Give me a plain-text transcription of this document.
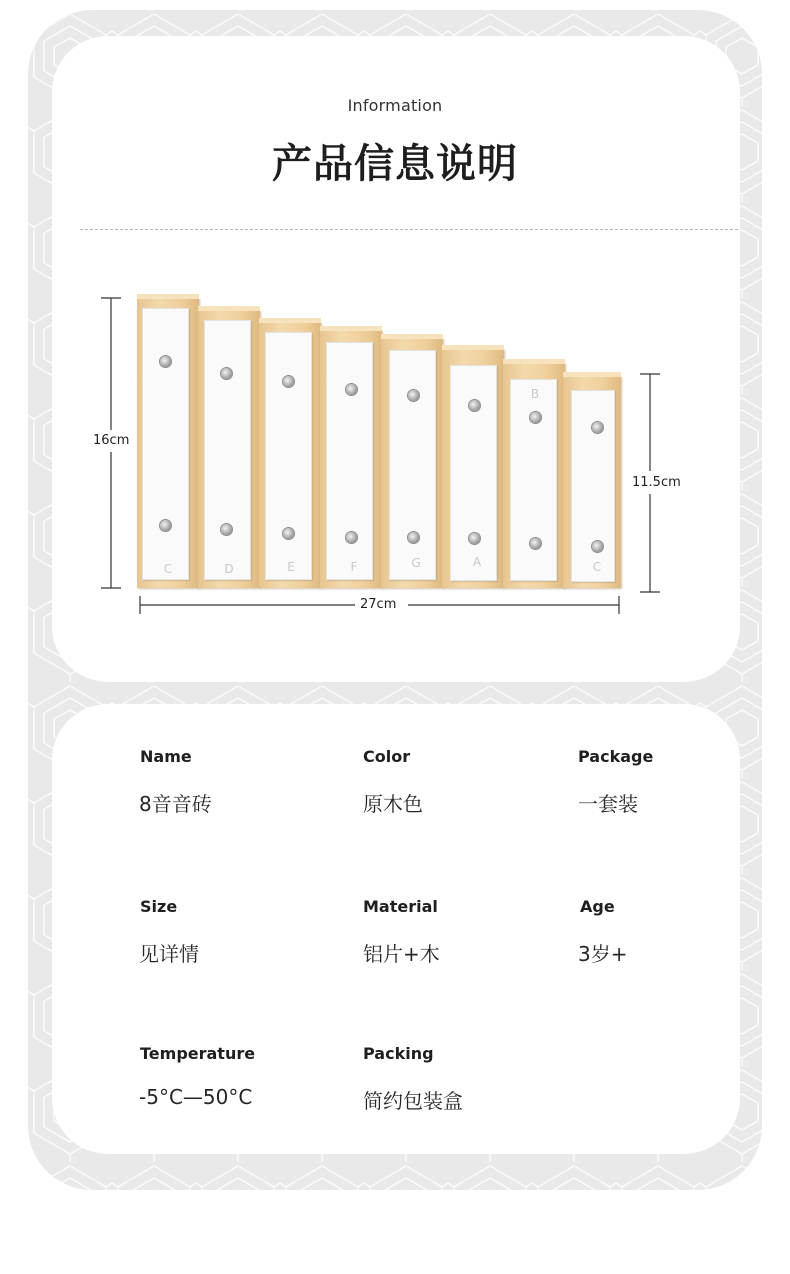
Information
产品信息说明
16cm
11.5cm
27cm
C	D	E	F	G	A
B
C
Name
8音音砖
Color
原木色
Package
一套装
Size
见详情
Material
铝片+木
Age
3岁+
Temperature
-5°C—50°C
Packing
简约包装盒
